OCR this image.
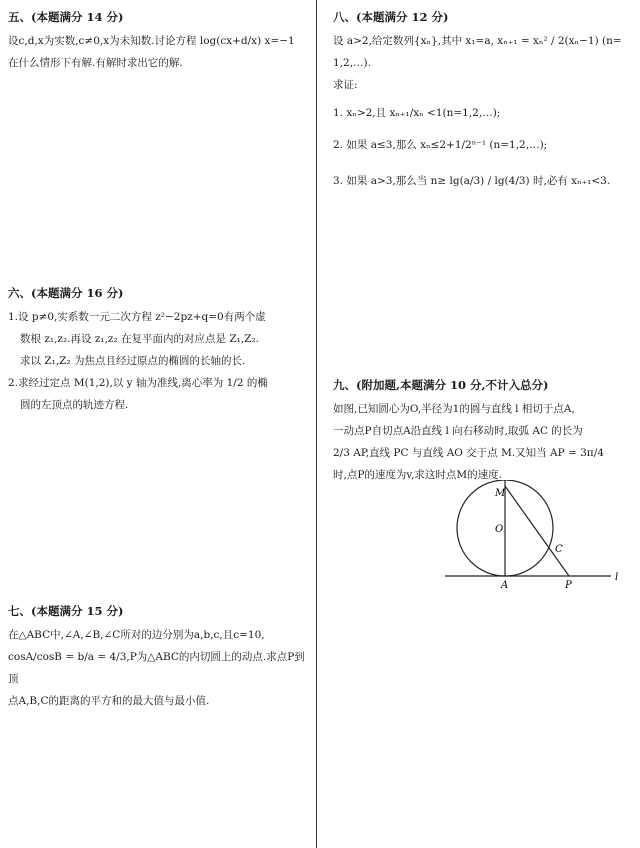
五、(本题满分 14 分)

设c,d,x为实数,c≠0,x为未知数.讨论方程 log(cx+d/x) x=−1

在什么情形下有解.有解时求出它的解.

六、(本题满分 16 分)

1.设 p≠0,实系数一元二次方程 z²−2pz+q=0有两个虚

数根 z₁,z₂.再设 z₁,z₂ 在复平面内的对应点是 Z₁,Z₂.

求以 Z₁,Z₂ 为焦点且经过原点的椭圆的长轴的长.

2.求经过定点 M(1,2),以 y 轴为准线,离心率为 1/2 的椭

圆的左顶点的轨迹方程.

七、(本题满分 15 分)

在△ABC中,∠A,∠B,∠C所对的边分别为a,b,c,且c=10,

cosA/cosB = b/a = 4/3,P为△ABC的内切圆上的动点.求点P到顶

点A,B,C的距离的平方和的最大值与最小值.

八、(本题满分 12 分)

设 a>2,给定数列{xₙ},其中 x₁=a, xₙ₊₁ = xₙ² / 2(xₙ−1) (n=

1,2,…).

求证:

1. xₙ>2,且 xₙ₊₁/xₙ <1(n=1,2,…);

2. 如果 a≤3,那么 xₙ≤2+1/2ⁿ⁻¹ (n=1,2,…);

3. 如果 a>3,那么当 n≥ lg(a/3) / lg(4/3) 时,必有 xₙ₊₁<3.

九、(附加题,本题满分 10 分,不计入总分)

如图,已知圆心为O,半径为1的圆与直线 l 相切于点A,

一动点P自切点A沿直线 l 向右移动时,取弧 AC 的长为

2/3 AP,直线 PC 与直线 AO 交于点 M.又知当 AP = 3π/4

时,点P的速度为v,求这时点M的速度.

M
O
C
A	P
l
